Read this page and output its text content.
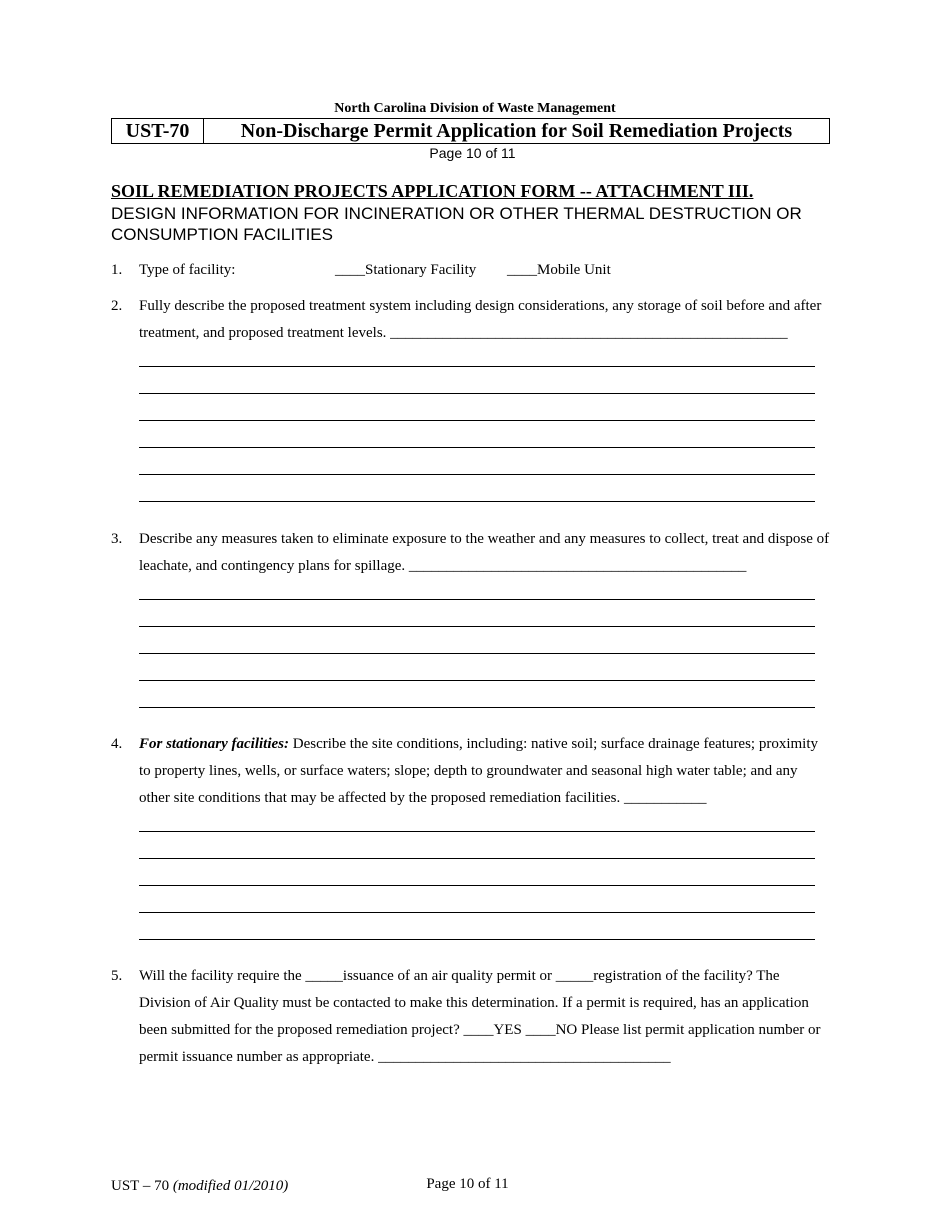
North Carolina Division of Waste Management
UST-70	Non-Discharge Permit Application for Soil Remediation Projects
Page 10 of 11
SOIL REMEDIATION PROJECTS APPLICATION FORM -- ATTACHMENT III.
DESIGN INFORMATION FOR INCINERATION OR OTHER THERMAL DESTRUCTION OR CONSUMPTION FACILITIES
1. Type of facility:	____Stationary Facility ____Mobile Unit
2. Fully describe the proposed treatment system including design considerations, any storage of soil before and after treatment, and proposed treatment levels. _____________________________________________________
3. Describe any measures taken to eliminate exposure to the weather and any measures to collect, treat and dispose of leachate, and contingency plans for spillage. _____________________________________________
4. For stationary facilities: Describe the site conditions, including: native soil; surface drainage features; proximity to property lines, wells, or surface waters; slope; depth to groundwater and seasonal high water table; and any other site conditions that may be affected by the proposed remediation facilities. ___________
5. Will the facility require the _____issuance of an air quality permit or _____registration of the facility? The Division of Air Quality must be contacted to make this determination. If a permit is required, has an application been submitted for the proposed remediation project? ____YES ____NO Please list permit application number or permit issuance number as appropriate. _______________________________________
UST – 70 (modified 01/2010)	Page 10 of 11
